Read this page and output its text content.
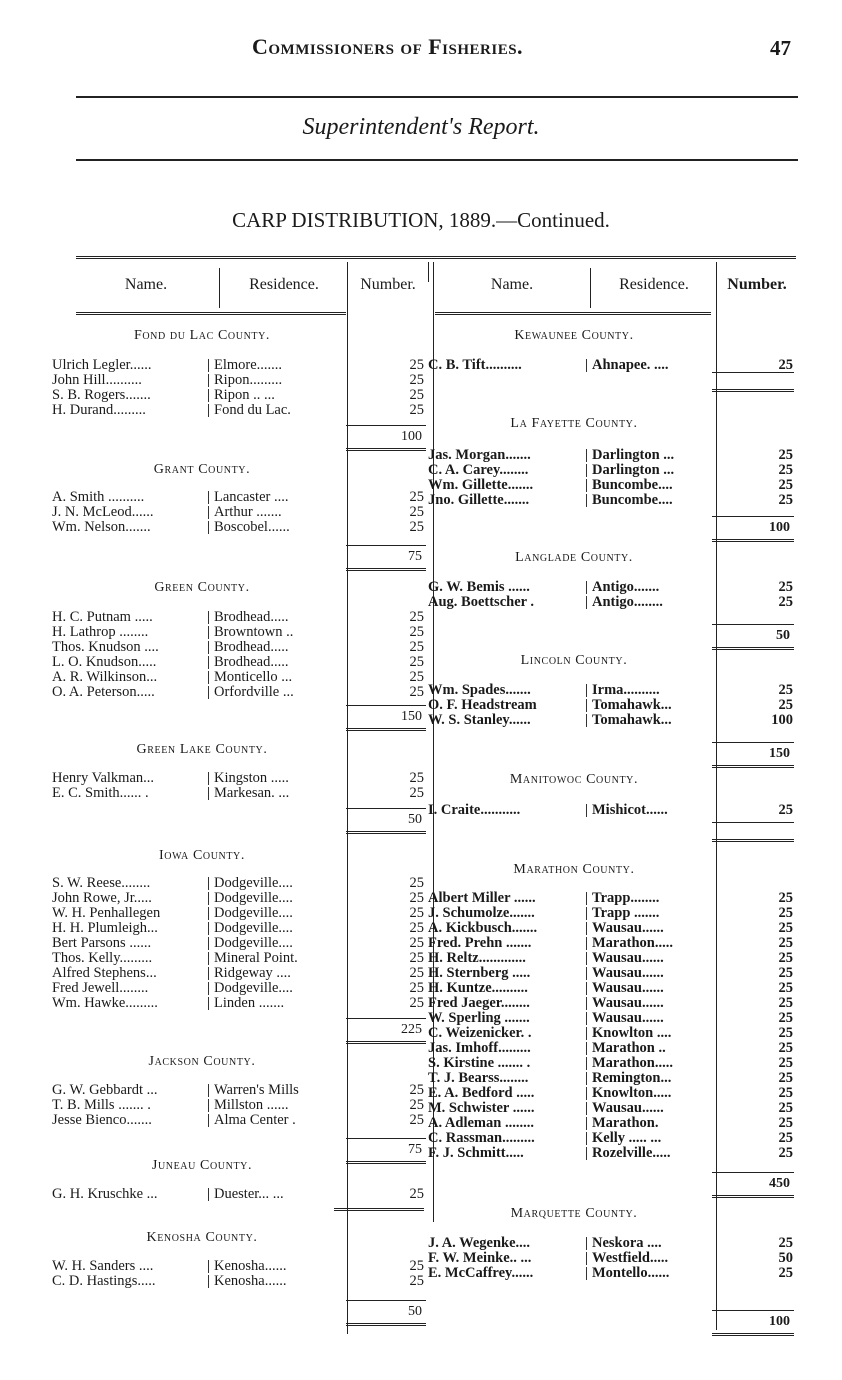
Commissioners of Fisheries.	47
Superintendent's Report.
CARP DISTRIBUTION, 1889.—Continued.
Name.	Residence.	Number.	Name.	Residence.	Number.
Fond du Lac County.
Ulrich Legler......	Elmore.......	25
John Hill..........	Ripon.........	25
S. B. Rogers.......	Ripon .. ...	25
H. Durand.........	Fond du Lac.	25
100
Grant County.
A. Smith ..........	Lancaster ....	25
J. N. McLeod......	Arthur .......	25
Wm. Nelson.......	Boscobel......	25
75
Green County.
H. C. Putnam .....	Brodhead.....	25
H. Lathrop ........	Browntown ..	25
Thos. Knudson ....	Brodhead.....	25
L. O. Knudson.....	Brodhead.....	25
A. R. Wilkinson...	Monticello ...	25
O. A. Peterson.....	Orfordville ...	25
150
Green Lake County.
Henry Valkman...	Kingston .....	25
E. C. Smith...... .	Markesan. ...	25
50
Iowa County.
S. W. Reese........	Dodgeville....	25
John Rowe, Jr.....	Dodgeville....	25
W. H. Penhallegen	Dodgeville....	25
H. H. Plumleigh...	Dodgeville....	25
Bert Parsons ......	Dodgeville....	25
Thos. Kelly.........	Mineral Point.	25
Alfred Stephens...	Ridgeway ....	25
Fred Jewell........	Dodgeville....	25
Wm. Hawke.........	Linden .......	25
225
Jackson County.
G. W. Gebbardt ...	Warren's Mills	25
T. B. Mills ....... .	Millston ......	25
Jesse Bienco.......	Alma Center .	25
75
Juneau County.
G. H. Kruschke ...	Duester... ...	25
Kenosha County.
W. H. Sanders ....	Kenosha......	25
C. D. Hastings.....	Kenosha......	25
50
Kewaunee County.
C. B. Tift..........	Ahnapee. ....	25
La Fayette County.
Jas. Morgan.......	Darlington ...	25
C. A. Carey........	Darlington ...	25
Wm. Gillette.......	Buncombe....	25
Jno. Gillette.......	Buncombe....	25
100
Langlade County.
G. W. Bemis ......	Antigo.......	25
Aug. Boettscher .	Antigo........	25
50
Lincoln County.
Wm. Spades.......	Irma..........	25
O. F. Headstream	Tomahawk...	25
W. S. Stanley......	Tomahawk...	100
150
Manitowoc County.
I. Craite...........	Mishicot......	25
Marathon County.
Albert Miller ......	Trapp........	25
J. Schumolze.......	Trapp .......	25
A. Kickbusch.......	Wausau......	25
Fred. Prehn .......	Marathon.....	25
H. Reltz.............	Wausau......	25
H. Sternberg .....	Wausau......	25
H. Kuntze..........	Wausau......	25
Fred Jaeger........	Wausau......	25
W. Sperling .......	Wausau......	25
C. Weizenicker. .	Knowlton ....	25
Jas. Imhoff.........	Marathon ..	25
S. Kirstine ....... .	Marathon.....	25
T. J. Bearss........	Remington...	25
E. A. Bedford .....	Knowlton.....	25
M. Schwister ......	Wausau......	25
A. Adleman ........	Marathon.	25
C. Rassman.........	Kelly ..... ...	25
F. J. Schmitt.....	Rozelville.....	25
450
Marquette County.
J. A. Wegenke....	Neskora ....	25
F. W. Meinke.. ...	Westfield.....	50
E. McCaffrey......	Montello......	25
100
